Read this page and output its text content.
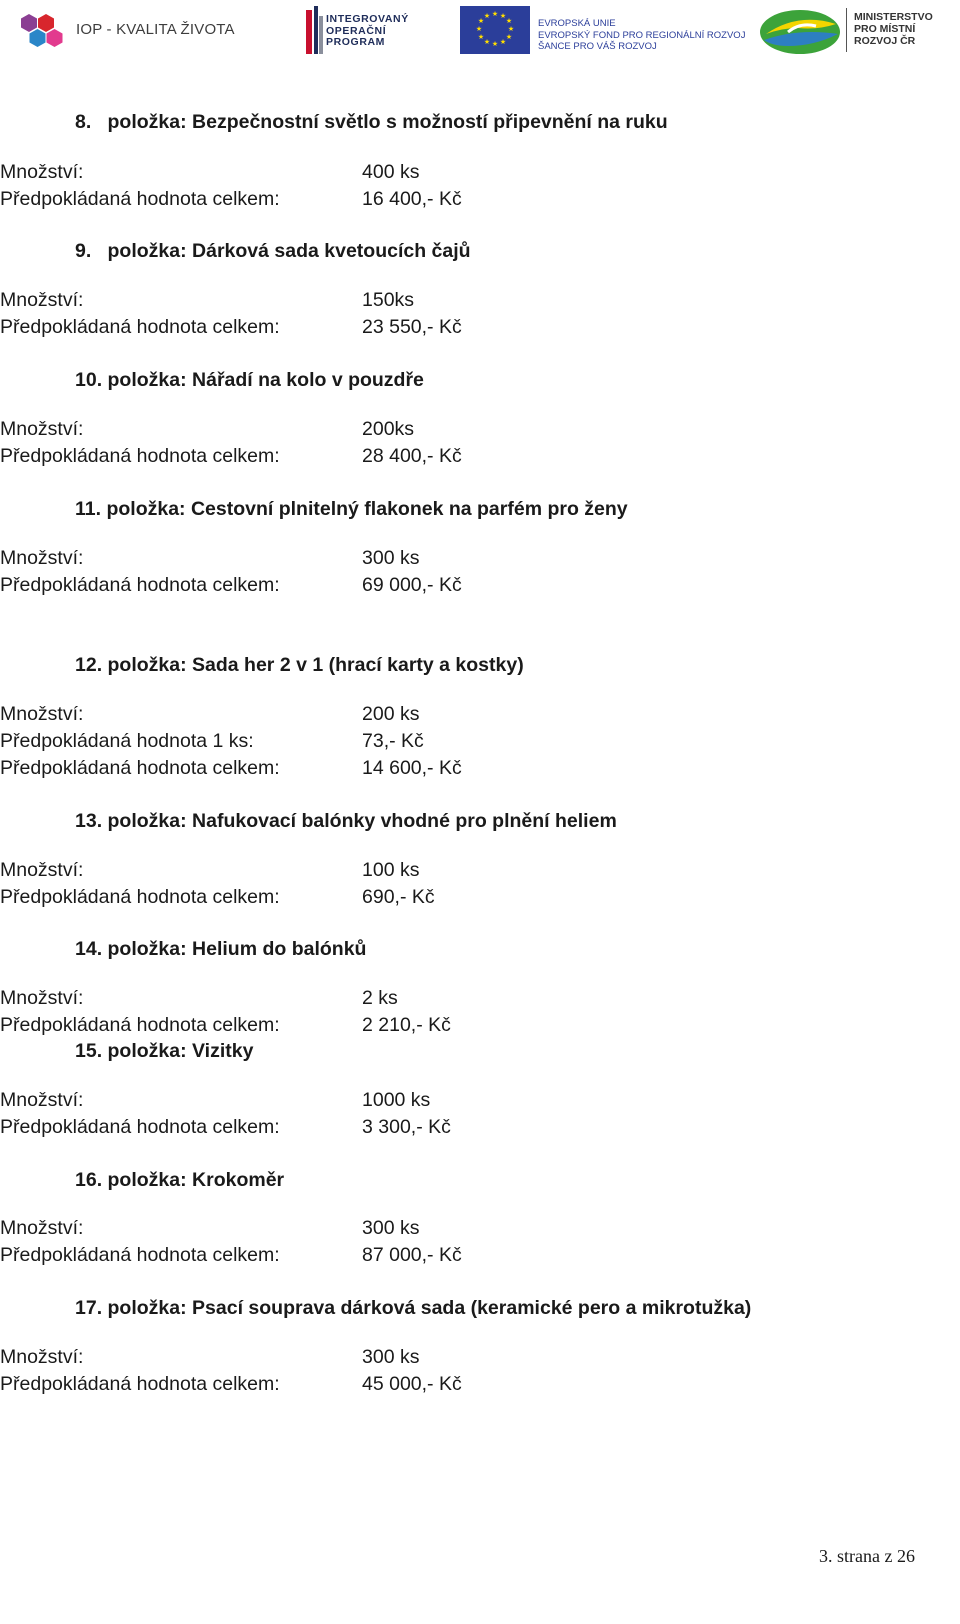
IOP - KVALITA ŽIVOTA
INTEGROVANÝ
OPERAČNÍ
PROGRAM
★ ★
★
★
★
★
★
★
★
★
★
★
EVROPSKÁ UNIE
EVROPSKÝ FOND PRO REGIONÁLNÍ ROZVOJ
ŠANCE PRO VÁŠ ROZVOJ
MINISTERSTVO
PRO MÍSTNÍ
ROZVOJ ČR
8.   položka: Bezpečnostní světlo s možností připevnění na ruku
Množství:	400 ks
Předpokládaná hodnota celkem:	16 400,- Kč
9.   položka: Dárková sada kvetoucích čajů
Množství:	150ks
Předpokládaná hodnota celkem:	23 550,- Kč
10. položka: Nářadí na kolo v pouzdře
Množství:	200ks
Předpokládaná hodnota celkem:	28 400,- Kč
11. položka: Cestovní plnitelný flakonek na parfém pro ženy
Množství:	300 ks
Předpokládaná hodnota celkem:	69 000,- Kč
12. položka: Sada her 2 v 1 (hrací karty a kostky)
Množství:	200 ks
Předpokládaná hodnota 1 ks:	73,- Kč
Předpokládaná hodnota celkem:	14 600,- Kč
13. položka: Nafukovací balónky vhodné pro plnění heliem
Množství:	100 ks
Předpokládaná hodnota celkem:	690,- Kč
14. položka: Helium do balónků
Množství:	2 ks
Předpokládaná hodnota celkem:	2 210,- Kč
15. položka: Vizitky
Množství:	1000 ks
Předpokládaná hodnota celkem:	3 300,- Kč
16. položka: Krokoměr
Množství:	300 ks
Předpokládaná hodnota celkem:	87 000,- Kč
17. položka: Psací souprava dárková sada (keramické pero a mikrotužka)
Množství:	300 ks
Předpokládaná hodnota celkem:	45 000,- Kč
3. strana z 26
